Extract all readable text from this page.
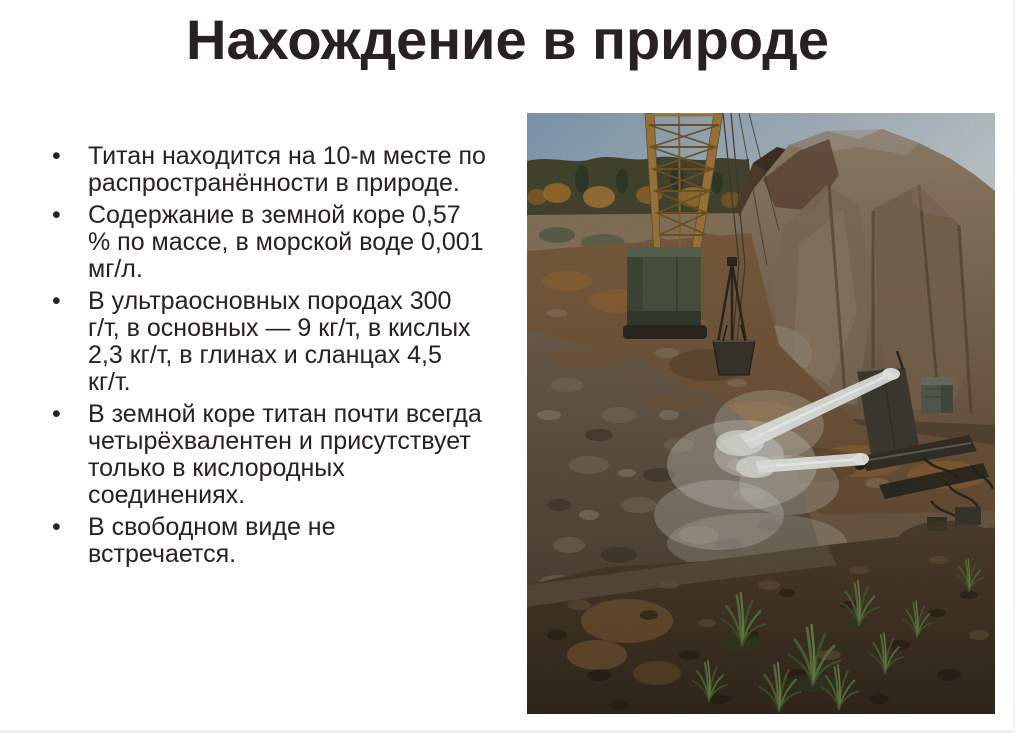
Нахождение в природе
• Титан находится на 10-м месте по
распространённости в природе.
• Содержание в земной коре 0,57
% по массе, в морской воде 0,001
мг/л.
• В ультраосновных породах 300
г/т, в основных — 9 кг/т, в кислых
2,3 кг/т, в глинах и сланцах 4,5
кг/т.
• В земной коре титан почти всегда
четырёхвалентен и присутствует
только в кислородных
соединениях.
• В свободном виде не
встречается.
